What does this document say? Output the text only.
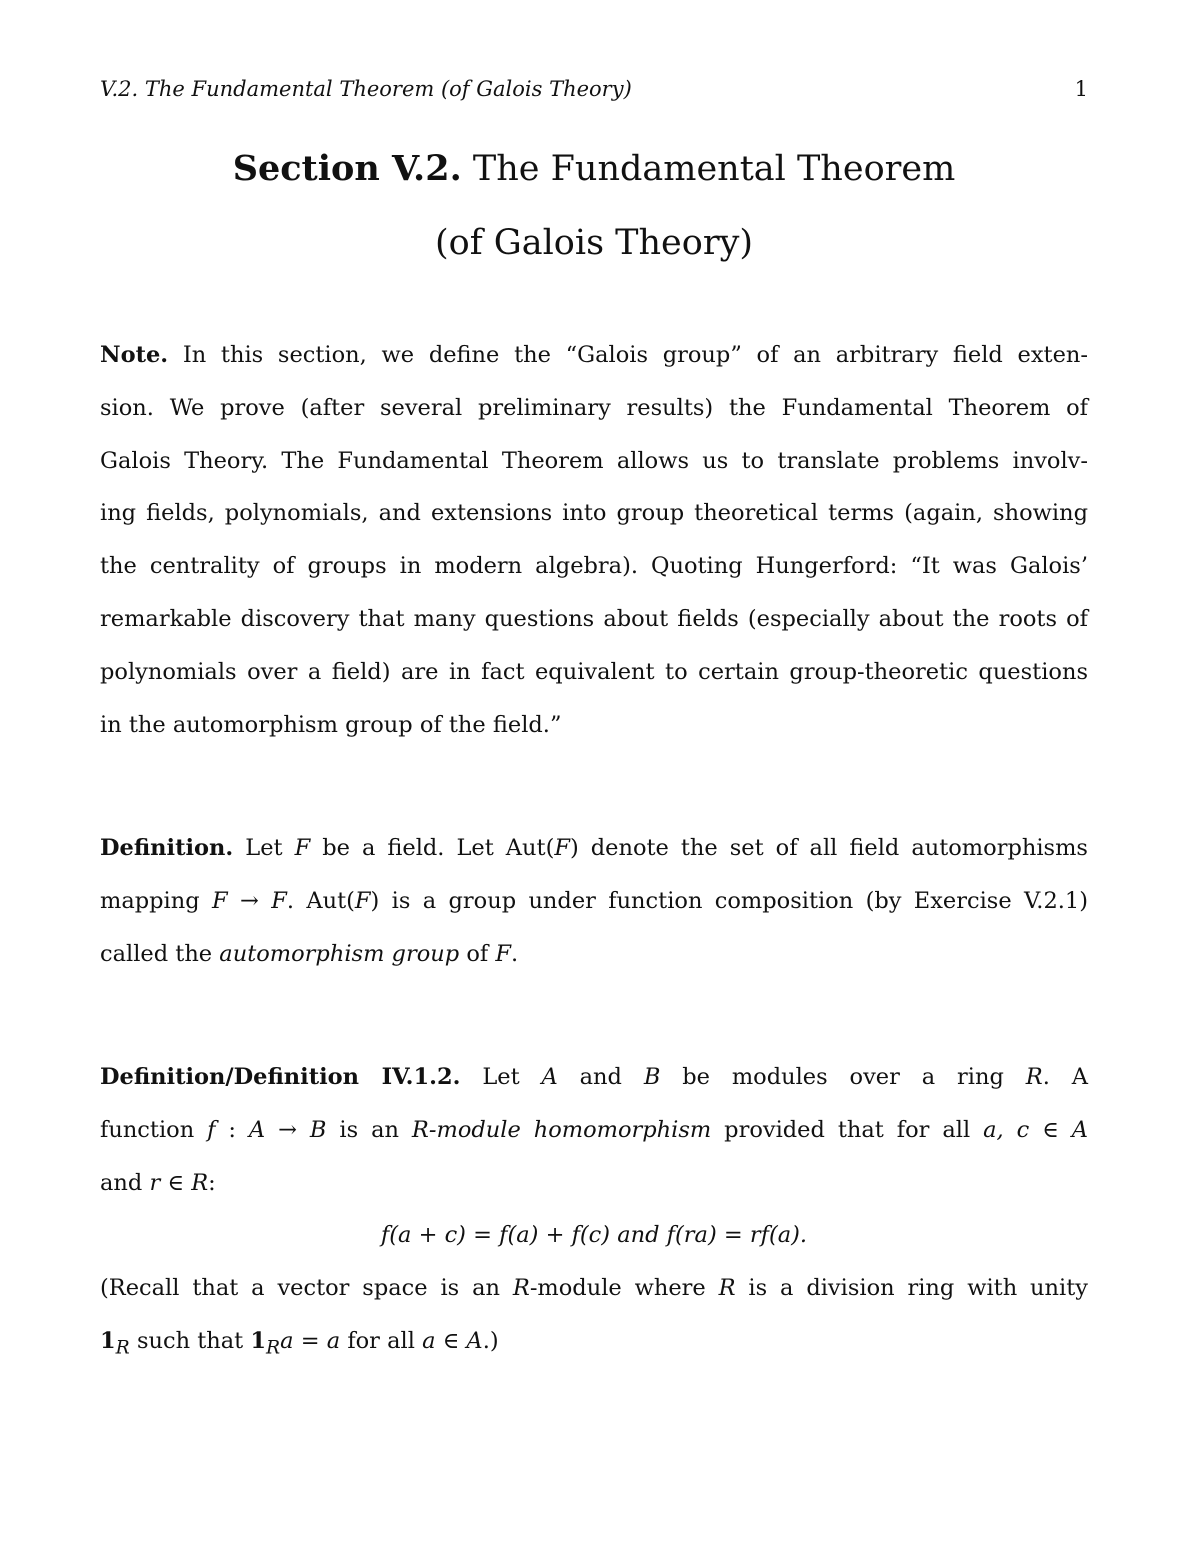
V.2. The Fundamental Theorem (of Galois Theory)	1
Section V.2. The Fundamental Theorem
(of Galois Theory)
Note. In this section, we define the “Galois group” of an arbitrary field exten-
sion. We prove (after several preliminary results) the Fundamental Theorem of
Galois Theory. The Fundamental Theorem allows us to translate problems involv-
ing fields, polynomials, and extensions into group theoretical terms (again, showing
the centrality of groups in modern algebra). Quoting Hungerford: “It was Galois’
remarkable discovery that many questions about fields (especially about the roots of
polynomials over a field) are in fact equivalent to certain group-theoretic questions
in the automorphism group of the field.”
Definition. Let F be a field. Let Aut(F) denote the set of all field automorphisms
mapping F → F. Aut(F) is a group under function composition (by Exercise V.2.1)
called the automorphism group of F.
Definition/Definition IV.1.2. Let A and B be modules over a ring R. A
function f : A → B is an R-module homomorphism provided that for all a, c ∈ A
and r ∈ R:
f(a + c) = f(a) + f(c) and f(ra) = rf(a).
(Recall that a vector space is an R-module where R is a division ring with unity
$1_R$ such that $1_Ra = a$ for all a ∈ A.)
